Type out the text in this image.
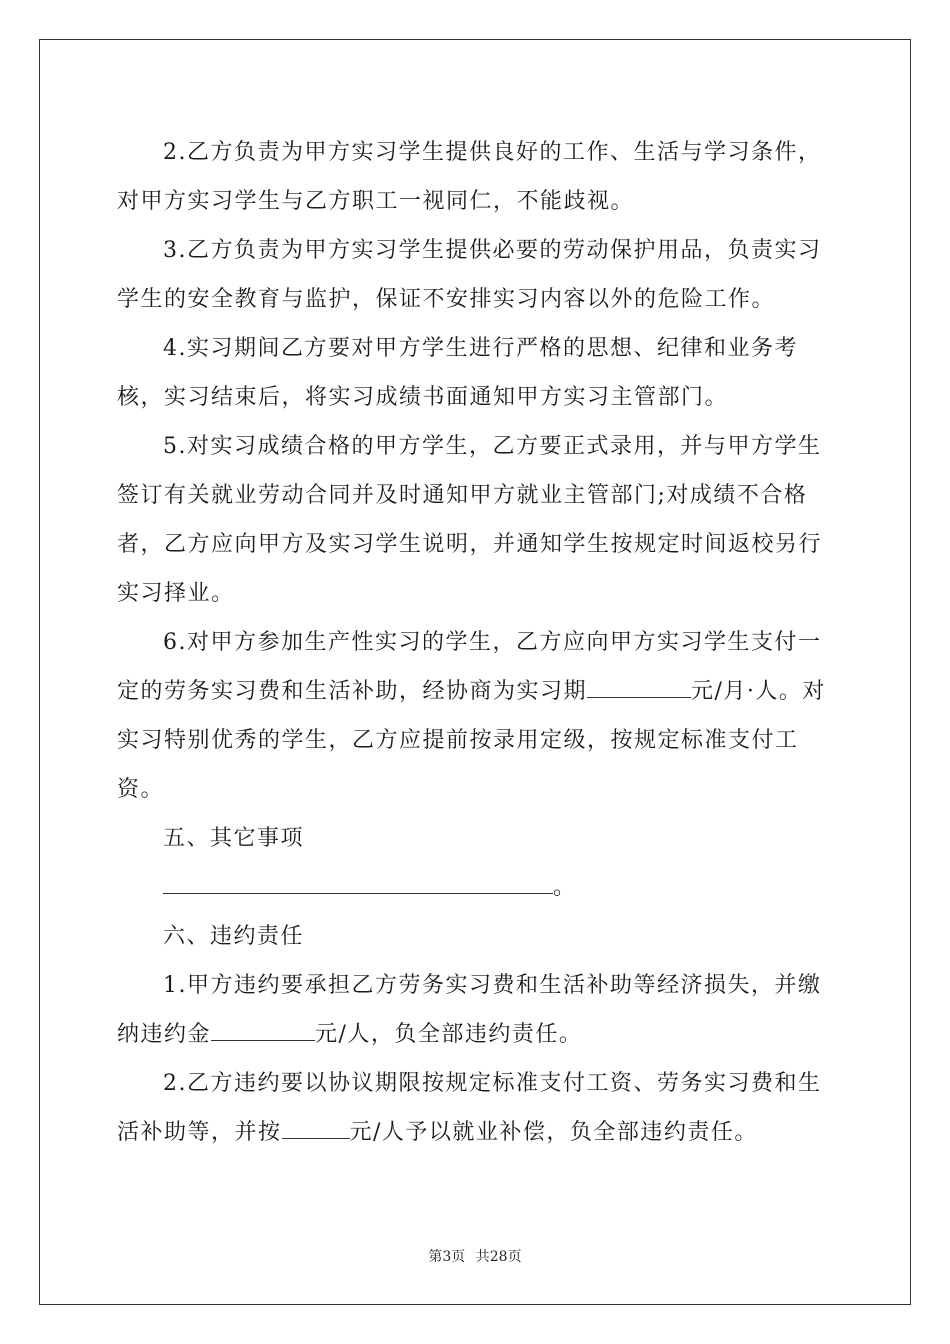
2.乙方负责为甲方实习学生提供良好的工作、生活与学习条件，对甲方实习学生与乙方职工一视同仁，不能歧视。

3.乙方负责为甲方实习学生提供必要的劳动保护用品，负责实习学生的安全教育与监护，保证不安排实习内容以外的危险工作。

4.实习期间乙方要对甲方学生进行严格的思想、纪律和业务考核，实习结束后，将实习成绩书面通知甲方实习主管部门。

5.对实习成绩合格的甲方学生，乙方要正式录用，并与甲方学生签订有关就业劳动合同并及时通知甲方就业主管部门;对成绩不合格者，乙方应向甲方及实习学生说明，并通知学生按规定时间返校另行实习择业。

6.对甲方参加生产性实习的学生，乙方应向甲方实习学生支付一定的劳务实习费和生活补助，经协商为实习期	元/月·人。对实习特别优秀的学生，乙方应提前按录用定级，按规定标准支付工资。

五、其它事项

。

六、违约责任

1.甲方违约要承担乙方劳务实习费和生活补助等经济损失，并缴纳违约金	元/人，负全部违约责任。

2.乙方违约要以协议期限按规定标准支付工资、劳务实习费和生活补助等，并按	元/人予以就业补偿，负全部违约责任。

第3页 共28页
